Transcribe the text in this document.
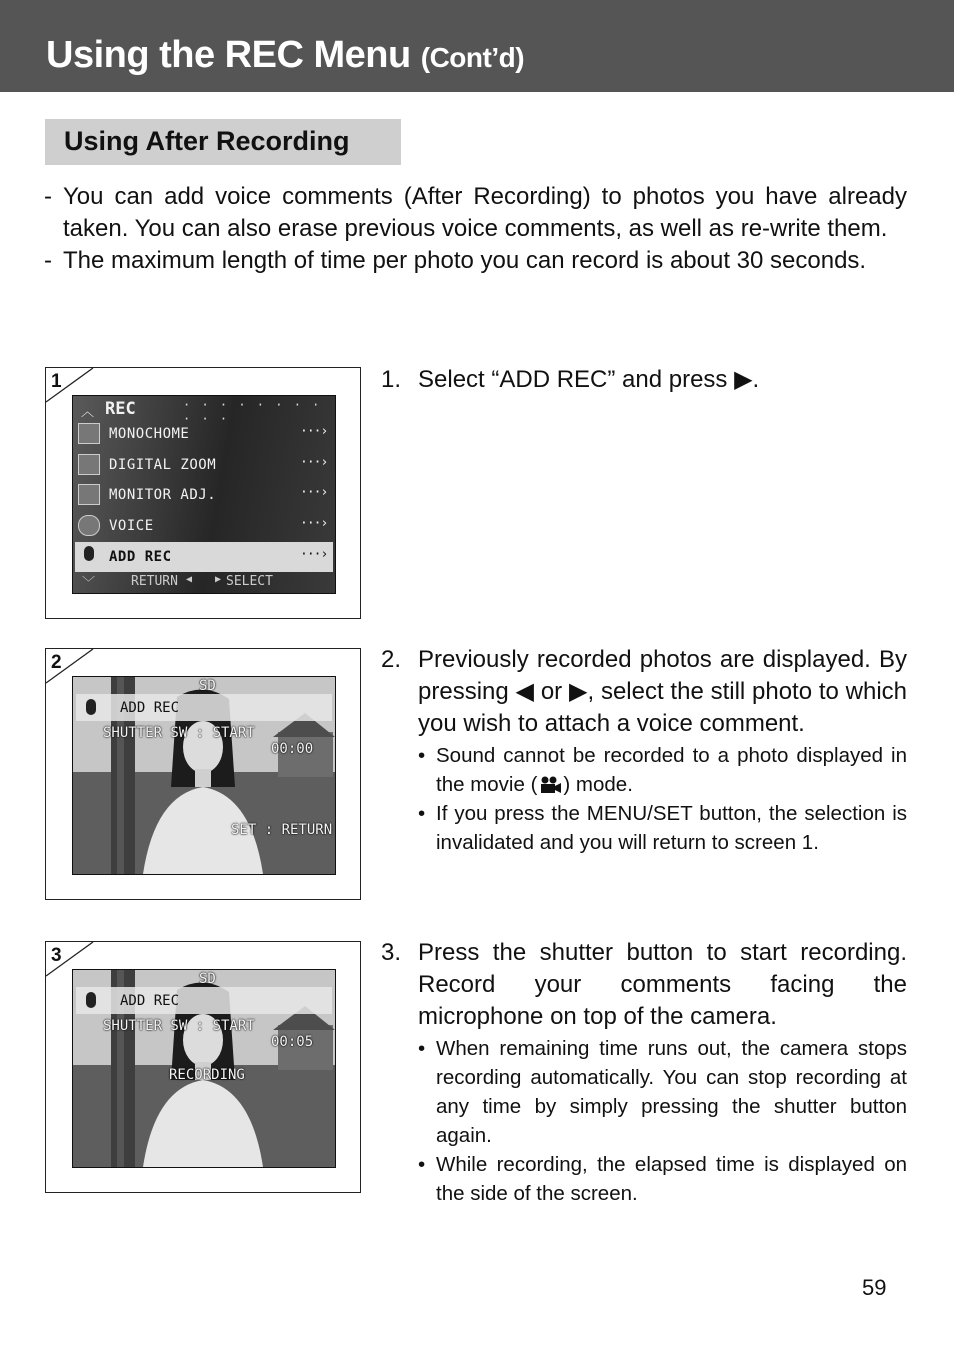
Using the REC Menu (Cont’d)
Using After Recording
- You can add voice comments (After Recording) to photos you have already taken. You can also erase previous voice comments, as well as re-write them.
- The maximum length of time per photo you can record is about 30 seconds.
1
︿ REC	· · · · · · · · · · ·
MONOCHOME	···›
DIGITAL ZOOM	···›
MONITOR ADJ.	···›
VOICE	···›
ADD REC	···›
﹀	RETURN ◀ ▶ SELECT
2
SD
ADD REC
SHUTTER SW : START
00:00
SET : RETURN
3
SD
ADD REC
SHUTTER SW : START
00:05
RECORDING
1. Select “ADD REC” and press ▶.
2. Previously recorded photos are displayed. By pressing ◀ or ▶, select the still photo to which you wish to attach a voice comment.
• Sound cannot be recorded to a photo displayed in the movie ( ) mode.
• If you press the MENU/SET button, the selection is invalidated and you will return to screen 1.
3. Press the shutter button to start recording. Record your comments facing the microphone on top of the camera.
• When remaining time runs out, the camera stops recording automatically. You can stop recording at any time by simply pressing the shutter button again.
• While recording, the elapsed time is displayed on the side of the screen.
59
